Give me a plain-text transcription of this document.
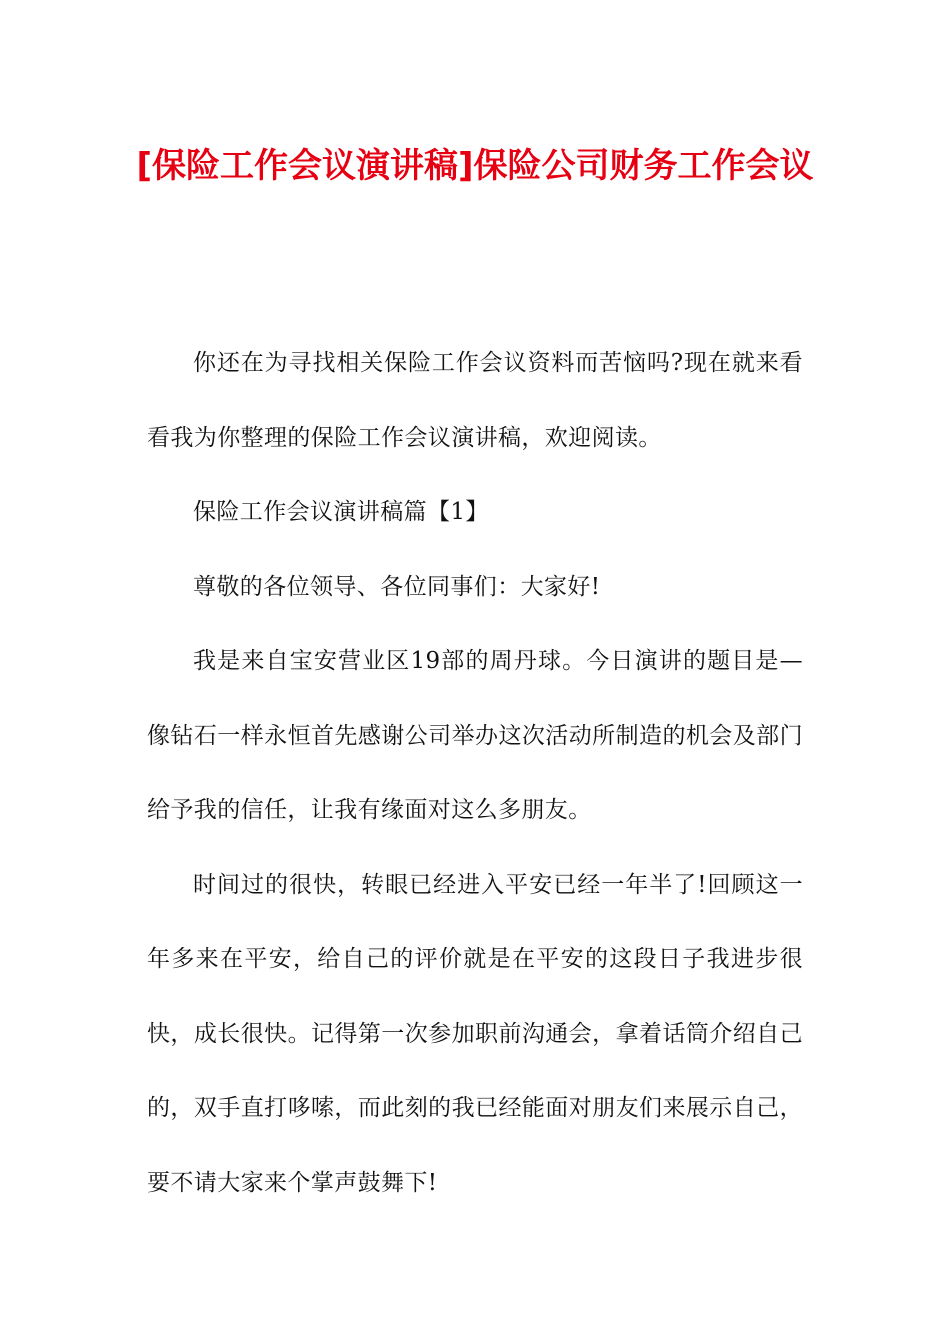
[保险工作会议演讲稿]保险公司财务工作会议

你还在为寻找相关保险工作会议资料而苦恼吗?现在就来看看我为你整理的保险工作会议演讲稿，欢迎阅读。

保险工作会议演讲稿篇【1】

尊敬的各位领导、各位同事们：大家好!

我是来自宝安营业区19部的周丹球。今日演讲的题目是—像钻石一样永恒首先感谢公司举办这次活动所制造的机会及部门给予我的信任，让我有缘面对这么多朋友。

时间过的很快，转眼已经进入平安已经一年半了!回顾这一年多来在平安，给自己的评价就是在平安的这段日子我进步很快，成长很快。记得第一次参加职前沟通会，拿着话筒介绍自己的，双手直打哆嗦，而此刻的我已经能面对朋友们来展示自己，要不请大家来个掌声鼓舞下!
